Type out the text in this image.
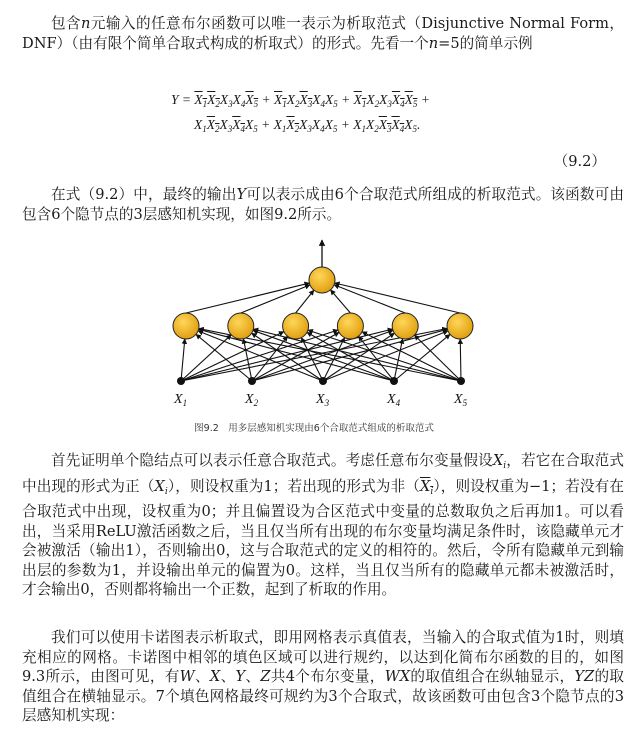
包含n元输入的任意布尔函数可以唯一表示为析取范式（Disjunctive Normal Form，DNF）（由有限个简单合取式构成的析取式）的形式。先看一个n=5的简单示例
$Y = X_1X_2X_3X_4X_5 + X_1X_2X_3X_4X_5 + X_1X_2X_3X_4X_5$ +
$X_1X_2X_3X_4X_5 + X_1X_2X_3X_4X_5 + X_1X_2X_3X_4X_5$.
（9.2）
在式（9.2）中，最终的输出Y可以表示成由6个合取范式所组成的析取范式。该函数可由包含6个隐节点的3层感知机实现，如图9.2所示。
$X_1$	$X_2$	$X_3$	$X_4$	$X_5$
图9.2　用多层感知机实现由6个合取范式组成的析取范式
首先证明单个隐结点可以表示任意合取范式。考虑任意布尔变量假设$X_i$，若它在合取范式中出现的形式为正$(X_i)$，则设权重为1；若出现的形式为非$(X_i)$，则设权重为−1；若没有在合取范式中出现，设权重为0；并且偏置设为合区范式中变量的总数取负之后再加1。可以看出，当采用ReLU激活函数之后，当且仅当所有出现的布尔变量均满足条件时，该隐藏单元才会被激活（输出1），否则输出0，这与合取范式的定义的相符的。然后，令所有隐藏单元到输出层的参数为1，并设输出单元的偏置为0。这样，当且仅当所有的隐藏单元都未被激活时，才会输出0，否则都将输出一个正数，起到了析取的作用。
我们可以使用卡诺图表示析取式，即用网格表示真值表，当输入的合取式值为1时，则填充相应的网格。卡诺图中相邻的填色区域可以进行规约，以达到化简布尔函数的目的，如图9.3所示，由图可见，有W、X、Y、Z共4个布尔变量，WX的取值组合在纵轴显示，YZ的取值组合在横轴显示。7个填色网格最终可规约为3个合取式，故该函数可由包含3个隐节点的3层感知机实现：
